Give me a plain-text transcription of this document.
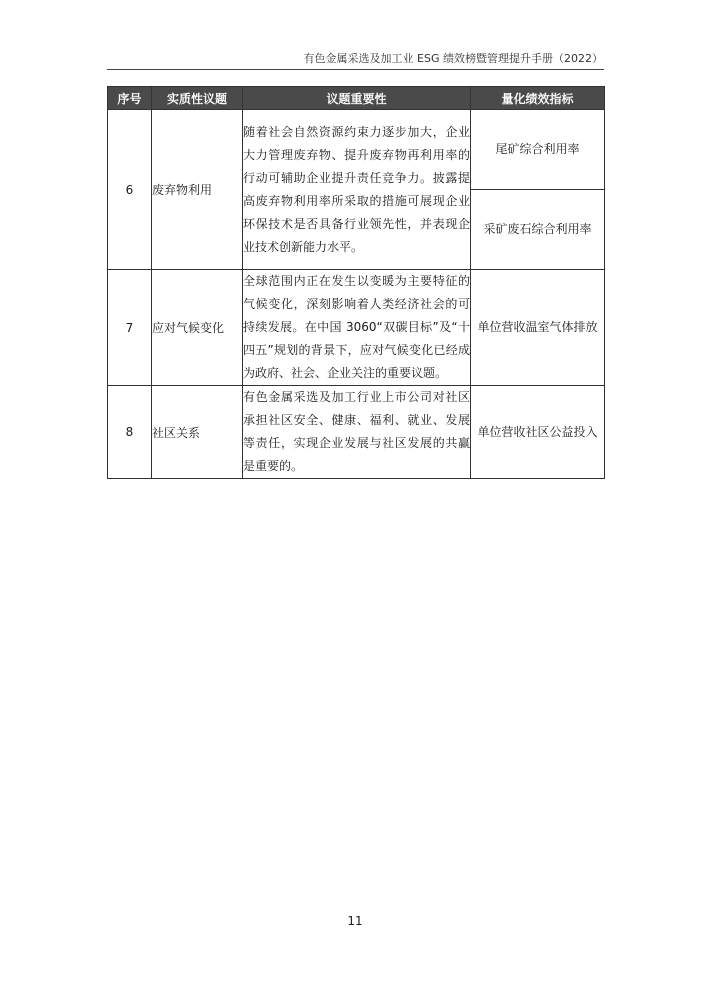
有色金属采选及加工业 ESG 绩效榜暨管理提升手册（2022）
序号	实质性议题	议题重要性	量化绩效指标
6	废弃物利用	随着社会自然资源约束力逐步加大，企业大力管理废弃物、提升废弃物再利用率的行动可辅助企业提升责任竞争力。披露提高废弃物利用率所采取的措施可展现企业环保技术是否具备行业领先性，并表现企业技术创新能力水平。	尾矿综合利用率
			采矿废石综合利用率
7	应对气候变化	全球范围内正在发生以变暖为主要特征的气候变化，深刻影响着人类经济社会的可持续发展。在中国 3060“双碳目标”及“十四五”规划的背景下，应对气候变化已经成为政府、社会、企业关注的重要议题。	单位营收温室气体排放
8	社区关系	有色金属采选及加工行业上市公司对社区承担社区安全、健康、福利、就业、发展等责任，实现企业发展与社区发展的共赢是重要的。	单位营收社区公益投入
11
